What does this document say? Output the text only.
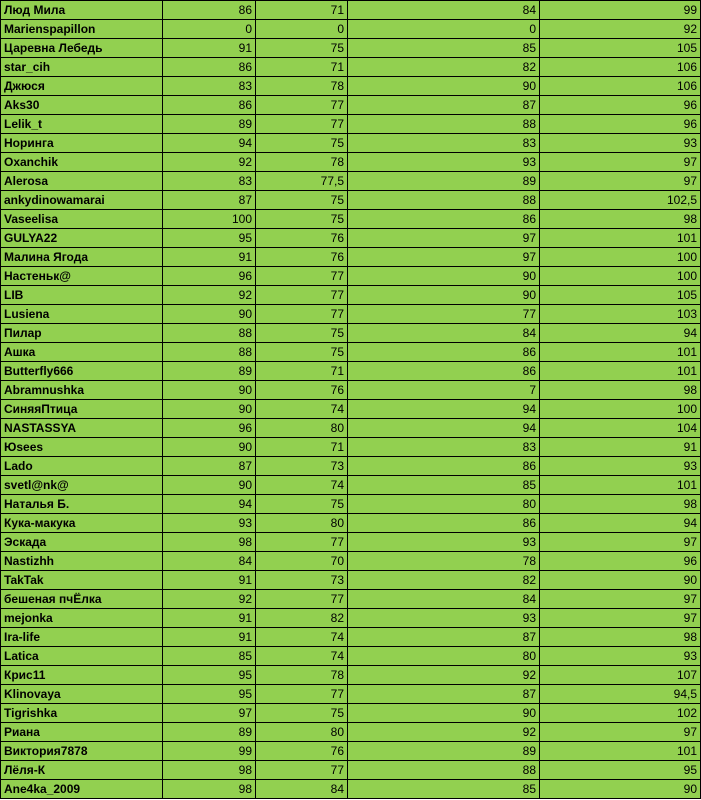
Люд Мила	86	71	84	99
Marienspapillon	0	0	0	92
Царевна Лебедь	91	75	85	105
star_cih	86	71	82	106
Джюся	83	78	90	106
Aks30	86	77	87	96
Lelik_t	89	77	88	96
Норинга	94	75	83	93
Oxanchik	92	78	93	97
Alerosa	83	77,5	89	97
ankydinowamarai	87	75	88	102,5
Vaseelisa	100	75	86	98
GULYA22	95	76	97	101
Малина Ягода	91	76	97	100
Настеньк@	96	77	90	100
LIB	92	77	90	105
Lusiena	90	77	77	103
Пилар	88	75	84	94
Ашка	88	75	86	101
Butterfly666	89	71	86	101
Abramnushka	90	76	7	98
СиняяПтица	90	74	94	100
NASTASSYA	96	80	94	104
Юsees	90	71	83	91
Lado	87	73	86	93
svetl@nk@	90	74	85	101
Наталья Б.	94	75	80	98
Кука-макука	93	80	86	94
Эскада	98	77	93	97
Nastizhh	84	70	78	96
TakTak	91	73	82	90
бешеная пчЁлка	92	77	84	97
mejonka	91	82	93	97
Ira-life	91	74	87	98
Latica	85	74	80	93
Крис11	95	78	92	107
Klinovaya	95	77	87	94,5
Tigrishka	97	75	90	102
Риана	89	80	92	97
Виктория7878	99	76	89	101
Лёля-К	98	77	88	95
Ane4ka_2009	98	84	85	90
